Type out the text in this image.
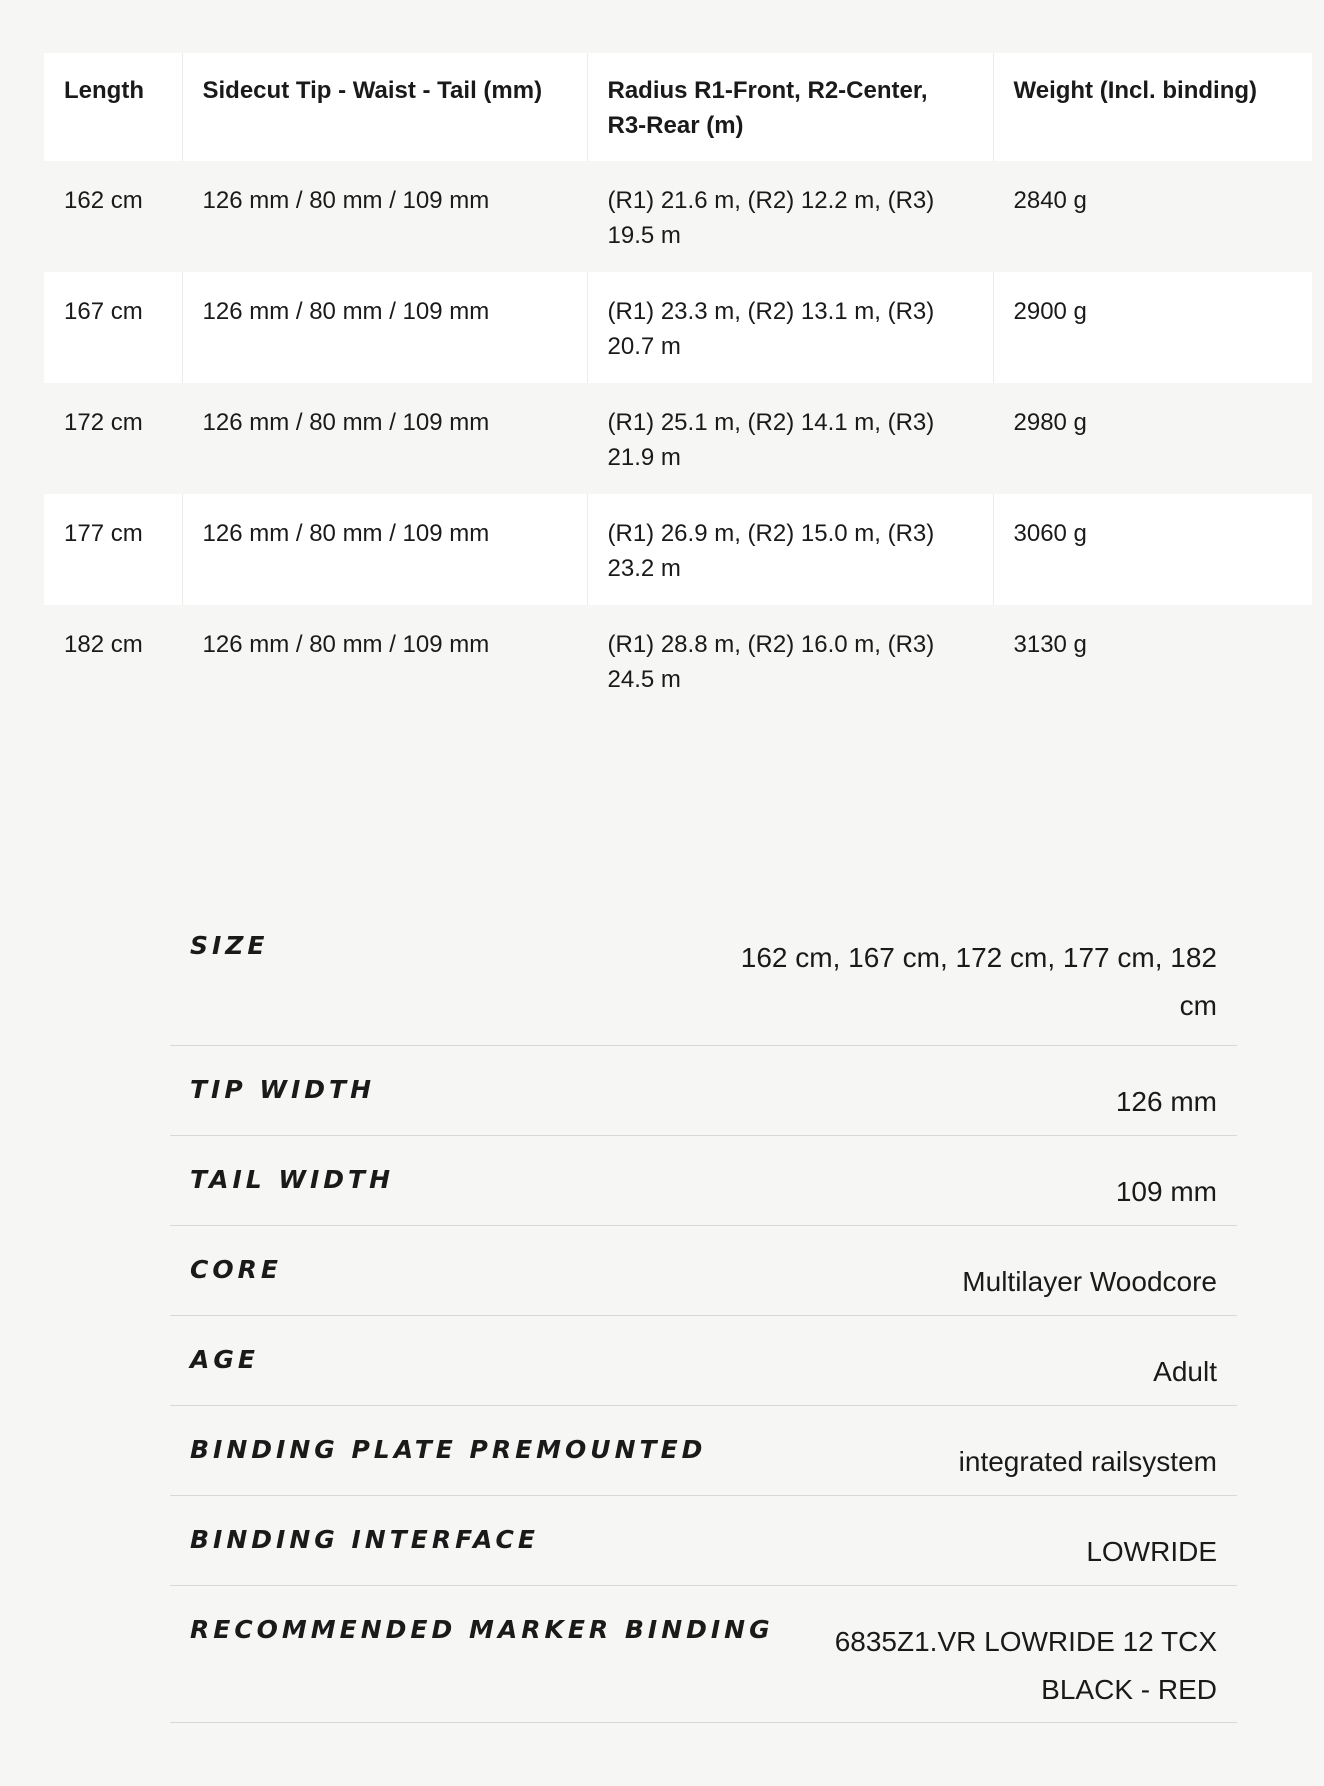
Length	Sidecut Tip - Waist - Tail (mm)	Radius R1-Front, R2-Center, R3-Rear (m)	Weight (Incl. binding)
162 cm	126 mm / 80 mm / 109 mm	(R1) 21.6 m, (R2) 12.2 m, (R3) 19.5 m	2840 g
167 cm	126 mm / 80 mm / 109 mm	(R1) 23.3 m, (R2) 13.1 m, (R3) 20.7 m	2900 g
172 cm	126 mm / 80 mm / 109 mm	(R1) 25.1 m, (R2) 14.1 m, (R3) 21.9 m	2980 g
177 cm	126 mm / 80 mm / 109 mm	(R1) 26.9 m, (R2) 15.0 m, (R3) 23.2 m	3060 g
182 cm	126 mm / 80 mm / 109 mm	(R1) 28.8 m, (R2) 16.0 m, (R3) 24.5 m	3130 g
SIZE	162 cm, 167 cm, 172 cm, 177 cm, 182 cm
TIP WIDTH	126 mm
TAIL WIDTH	109 mm
CORE	Multilayer Woodcore
AGE	Adult
BINDING PLATE PREMOUNTED	integrated railsystem
BINDING INTERFACE	LOWRIDE
RECOMMENDED MARKER BINDING	6835Z1.VR LOWRIDE 12 TCX BLACK - RED
